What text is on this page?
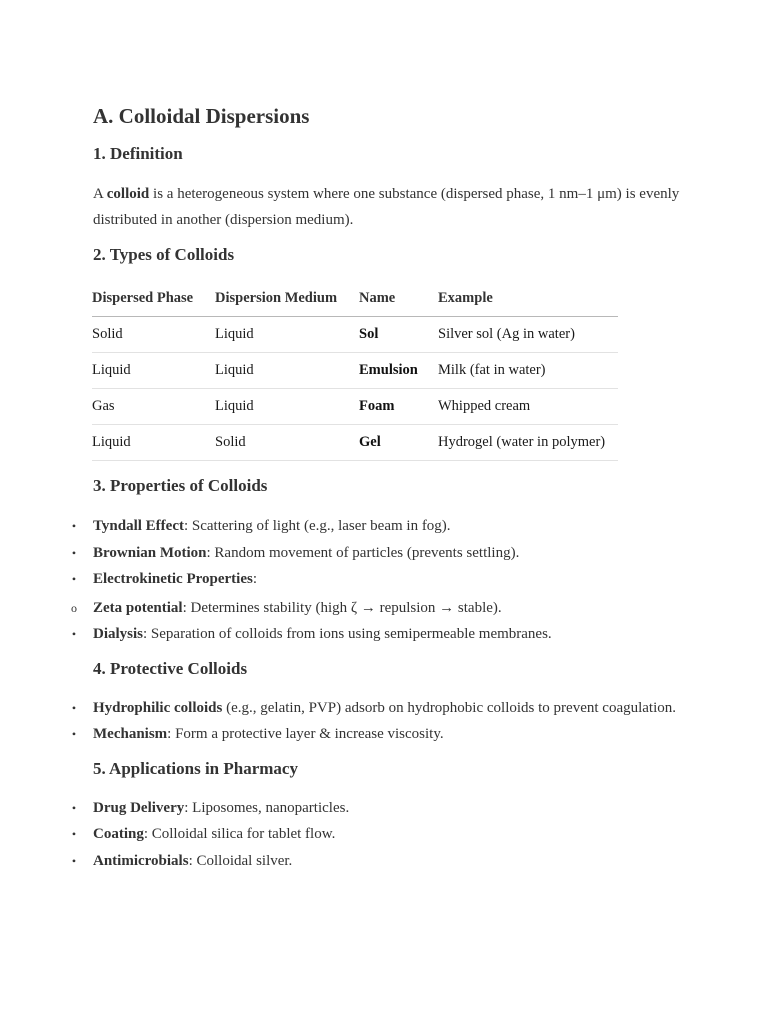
A. Colloidal Dispersions
1. Definition

A colloid is a heterogeneous system where one substance (dispersed phase, 1 nm–1 μm) is evenly distributed in another (dispersion medium).

2. Types of Colloids
Dispersed Phase	Dispersion Medium	Name	Example
Solid	Liquid	Sol	Silver sol (Ag in water)
Liquid	Liquid	Emulsion	Milk (fat in water)
Gas	Liquid	Foam	Whipped cream
Liquid	Solid	Gel	Hydrogel (water in polymer)
3. Properties of Colloids
• Tyndall Effect: Scattering of light (e.g., laser beam in fog).
• Brownian Motion: Random movement of particles (prevents settling).
• Electrokinetic Properties:
o Zeta potential: Determines stability (high ζ → repulsion → stable).
• Dialysis: Separation of colloids from ions using semipermeable membranes.
4. Protective Colloids
• Hydrophilic colloids (e.g., gelatin, PVP) adsorb on hydrophobic colloids to prevent coagulation.
• Mechanism: Form a protective layer & increase viscosity.
5. Applications in Pharmacy
• Drug Delivery: Liposomes, nanoparticles.
• Coating: Colloidal silica for tablet flow.
• Antimicrobials: Colloidal silver.
